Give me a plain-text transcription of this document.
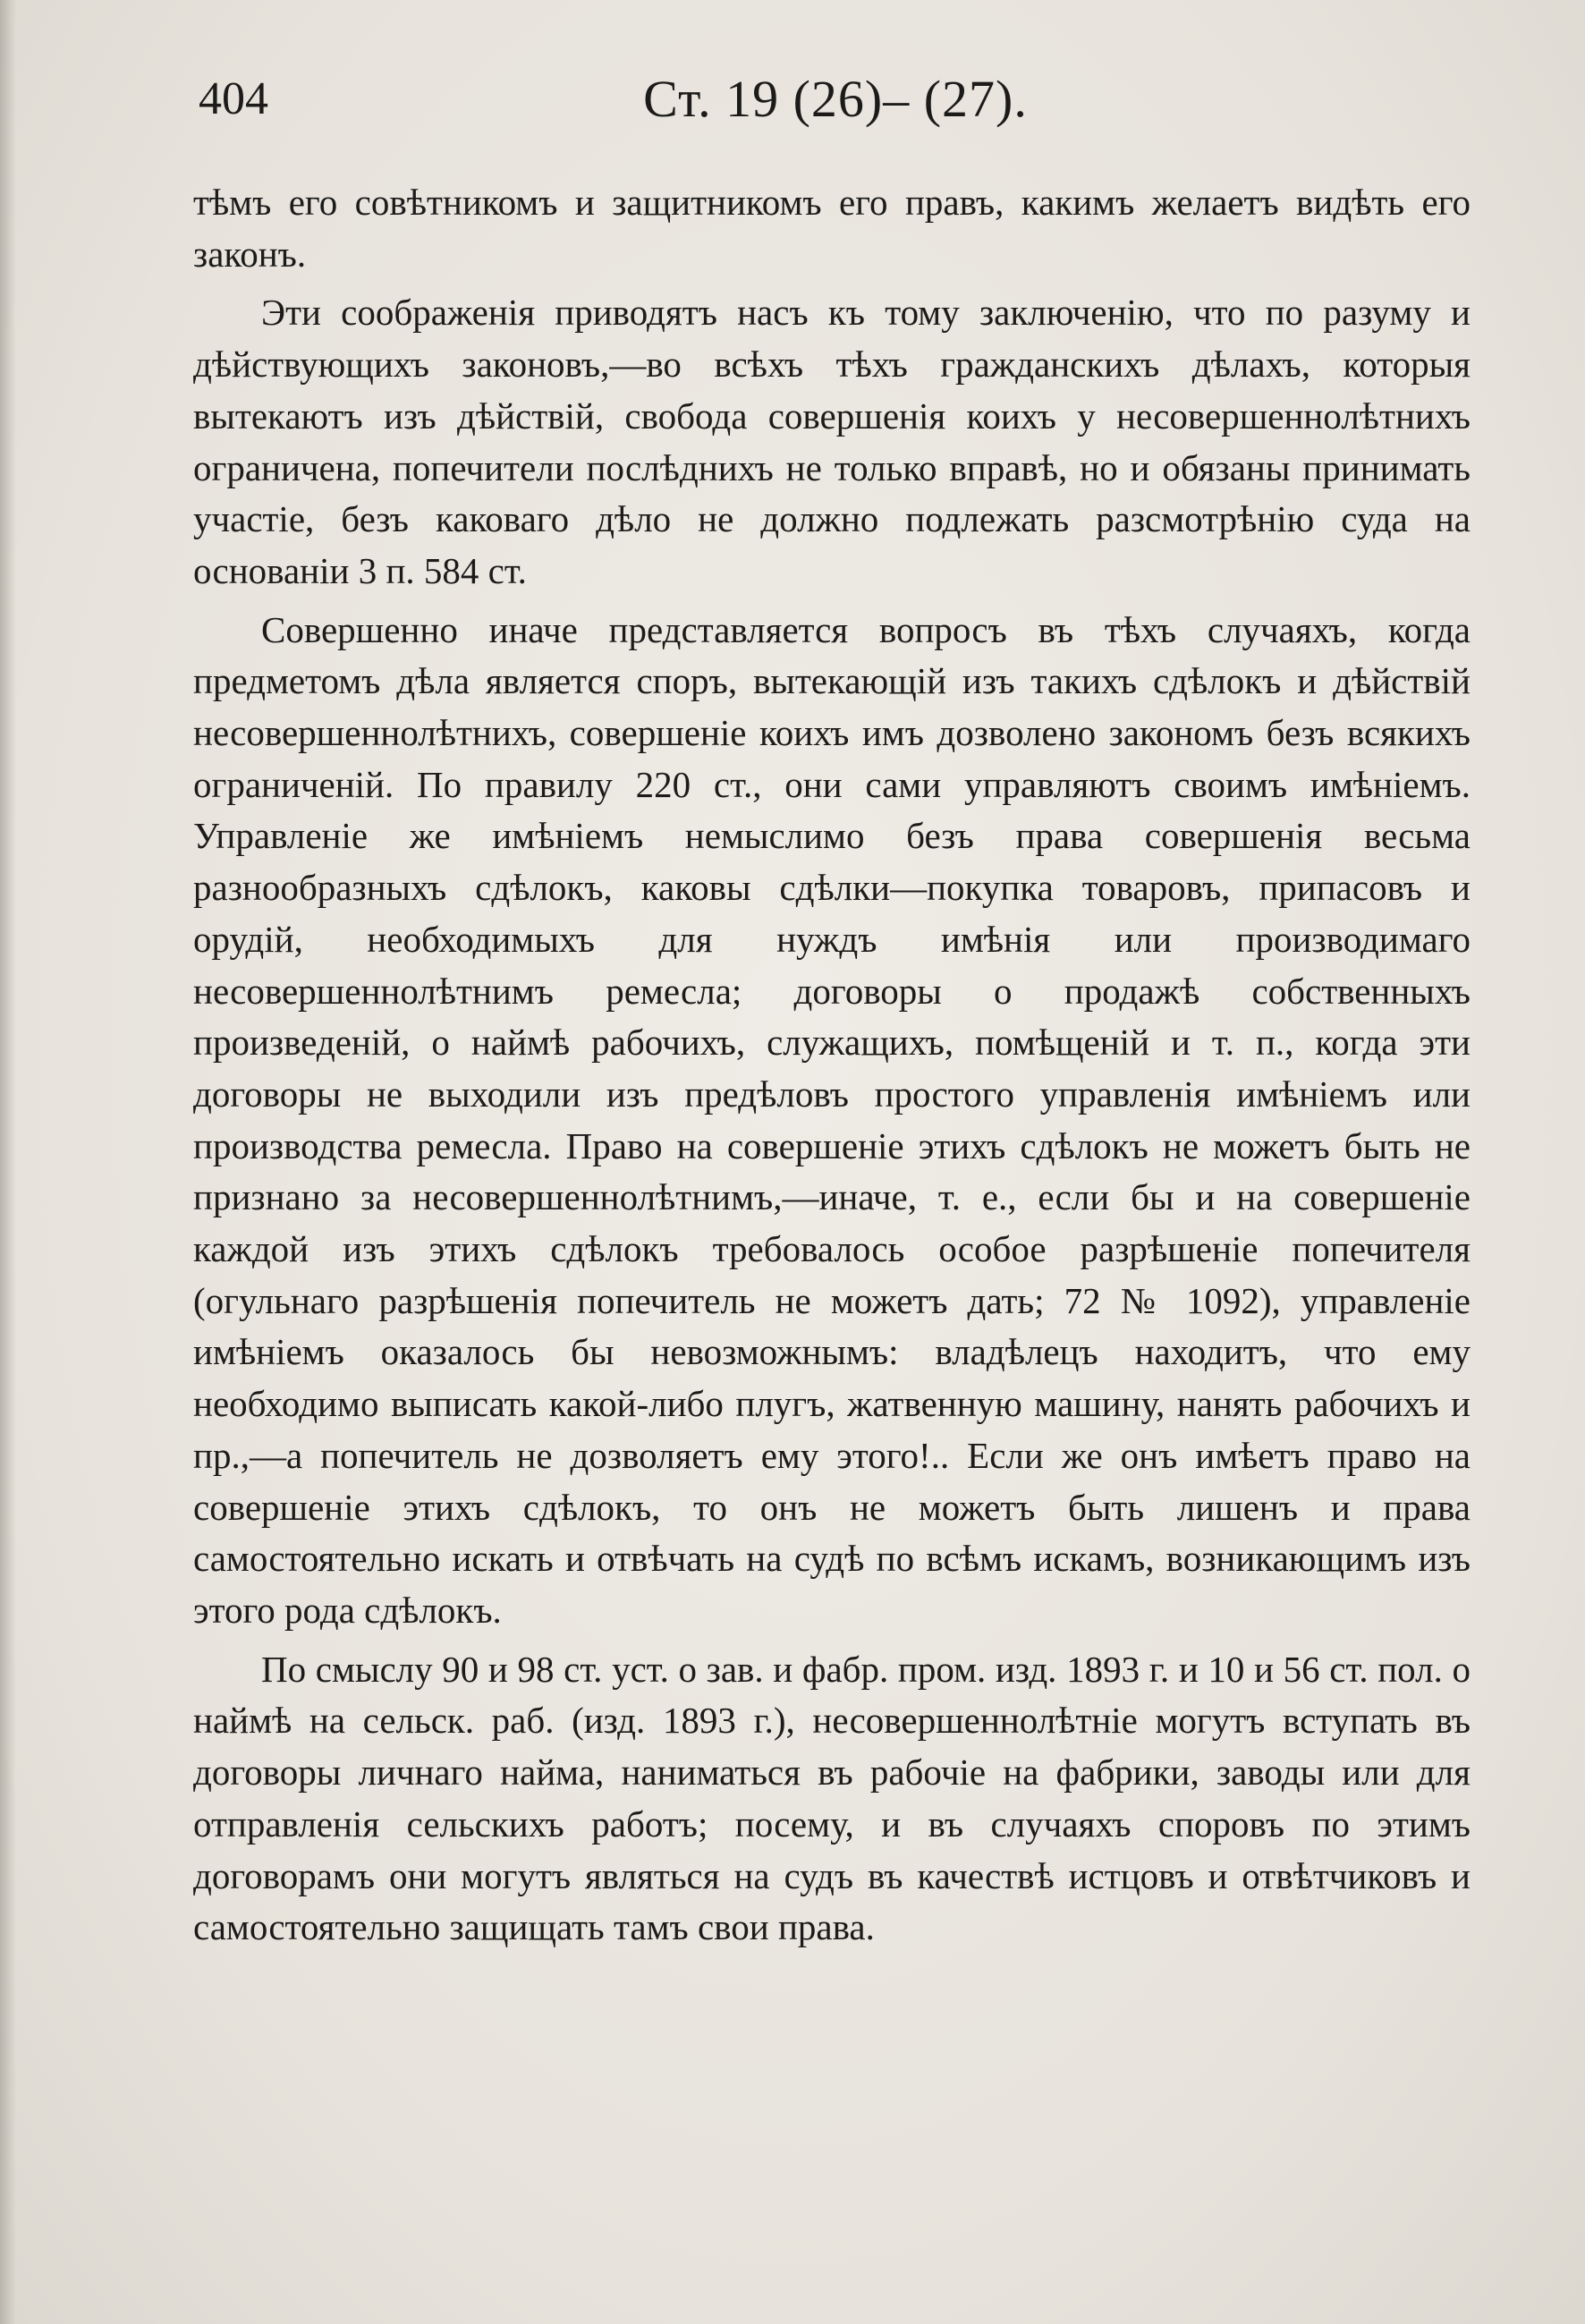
404	Ст. 19 (26)– (27).

тѣмъ его совѣтникомъ и защитникомъ его правъ, какимъ желаетъ видѣть его законъ.

Эти соображенія приводятъ насъ къ тому заключенію, что по разуму и дѣйствующихъ законовъ,—во всѣхъ тѣхъ гражданскихъ дѣлахъ, которыя вытекаютъ изъ дѣйствій, свобода совершенія коихъ у несовершеннолѣтнихъ ограничена, попечители послѣднихъ не только вправѣ, но и обязаны принимать участіе, безъ каковаго дѣло не должно подлежать разсмотрѣнію суда на основаніи 3 п. 584 ст.

Совершенно иначе представляется вопросъ въ тѣхъ случаяхъ, когда предметомъ дѣла является споръ, вытекающій изъ такихъ сдѣлокъ и дѣйствій несовершеннолѣтнихъ, совершеніе коихъ имъ дозволено закономъ безъ всякихъ ограниченій. По правилу 220 ст., они сами управляютъ своимъ имѣніемъ. Управленіе же имѣніемъ немыслимо безъ права совершенія весьма разнообразныхъ сдѣлокъ, каковы сдѣлки—покупка товаровъ, припасовъ и орудій, необходимыхъ для нуждъ имѣнія или производимаго несовершеннолѣтнимъ ремесла; договоры о продажѣ собственныхъ произведеній, о наймѣ рабочихъ, служащихъ, помѣщеній и т. п., когда эти договоры не выходили изъ предѣловъ простого управленія имѣніемъ или производства ремесла. Право на совершеніе этихъ сдѣлокъ не можетъ быть не признано за несовершеннолѣтнимъ,—иначе, т. е., если бы и на совершеніе каждой изъ этихъ сдѣлокъ требовалось особое разрѣшеніе попечителя (огульнаго разрѣшенія попечитель не можетъ дать; 72 № 1092), управленіе имѣніемъ оказалось бы невозможнымъ: владѣлецъ находитъ, что ему необходимо выписать какой-либо плугъ, жатвенную машину, нанять рабочихъ и пр.,—а попечитель не дозволяетъ ему этого!.. Если же онъ имѣетъ право на совершеніе этихъ сдѣлокъ, то онъ не можетъ быть лишенъ и права самостоятельно искать и отвѣчать на судѣ по всѣмъ искамъ, возникающимъ изъ этого рода сдѣлокъ.

По смыслу 90 и 98 ст. уст. о зав. и фабр. пром. изд. 1893 г. и 10 и 56 ст. пол. о наймѣ на сельск. раб. (изд. 1893 г.), несовершеннолѣтніе могутъ вступать въ договоры личнаго найма, наниматься въ рабочіе на фабрики, заводы или для отправленія сельскихъ работъ; посему, и въ случаяхъ споровъ по этимъ договорамъ они могутъ являться на судъ въ качествѣ истцовъ и отвѣтчиковъ и самостоятельно защищать тамъ свои права.
